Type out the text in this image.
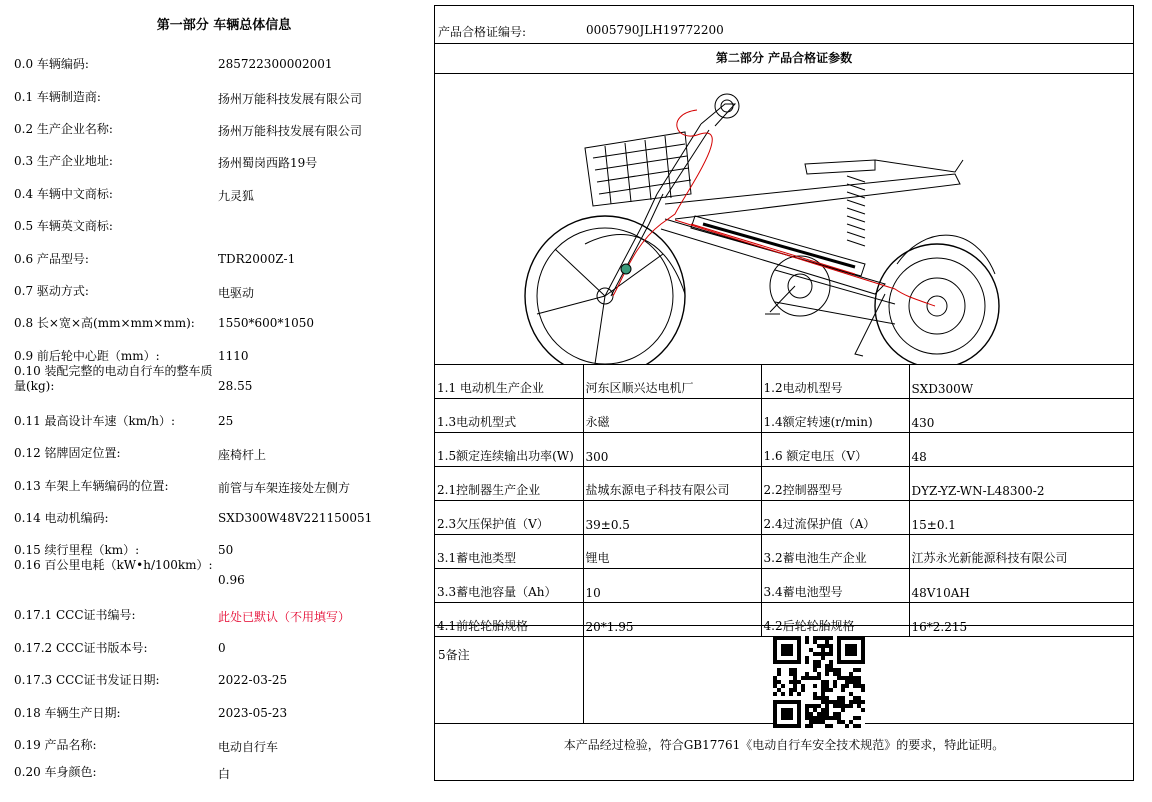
第一部分 车辆总体信息
0.0 车辆编码:	285722300002001
0.1 车辆制造商:	扬州万能科技发展有限公司
0.2 生产企业名称:	扬州万能科技发展有限公司
0.3 生产企业地址:	扬州蜀岗西路19号
0.4 车辆中文商标:	九灵狐
0.5 车辆英文商标:
0.6 产品型号:	TDR2000Z-1
0.7 驱动方式:	电驱动
0.8 长×宽×高(mm×mm×mm):	1550*600*1050
0.9 前后轮中心距（mm）:	1110
0.10 装配完整的电动自行车的整车质量(kg):	28.55
0.11 最高设计车速（km/h）:	25
0.12 铭牌固定位置:	座椅杆上
0.13 车架上车辆编码的位置:	前管与车架连接处左侧方
0.14 电动机编码:	SXD300W48V221150051
0.15 续行里程（km）:	50
0.16 百公里电耗（kW•h/100km）:
0.96
0.17.1 CCC证书编号:	此处已默认（不用填写）
0.17.2 CCC证书版本号:	0
0.17.3 CCC证书发证日期:	2022-03-25
0.18 车辆生产日期:	2023-05-23
0.19 产品名称:	电动自行车
0.20 车身颜色:	白
产品合格证编号:	0005790JLH19772200
第二部分 产品合格证参数
1.1 电动机生产企业	河东区顺兴达电机厂	1.2电动机型号	SXD300W
1.3电动机型式	永磁	1.4额定转速(r/min)	430
1.5额定连续输出功率(W)	300	1.6 额定电压（V）	48
2.1控制器生产企业	盐城东源电子科技有限公司	2.2控制器型号	DYZ-YZ-WN-L48300-2
2.3欠压保护值（V）	39±0.5	2.4过流保护值（A）	15±0.1
3.1蓄电池类型	锂电	3.2蓄电池生产企业	江苏永光新能源科技有限公司
3.3蓄电池容量（Ah）	10	3.4蓄电池型号	48V10AH
4.1前轮轮胎规格	20*1.95	4.2后轮轮胎规格	16*2.215
5备注
本产品经过检验，符合GB17761《电动自行车安全技术规范》的要求，特此证明。
